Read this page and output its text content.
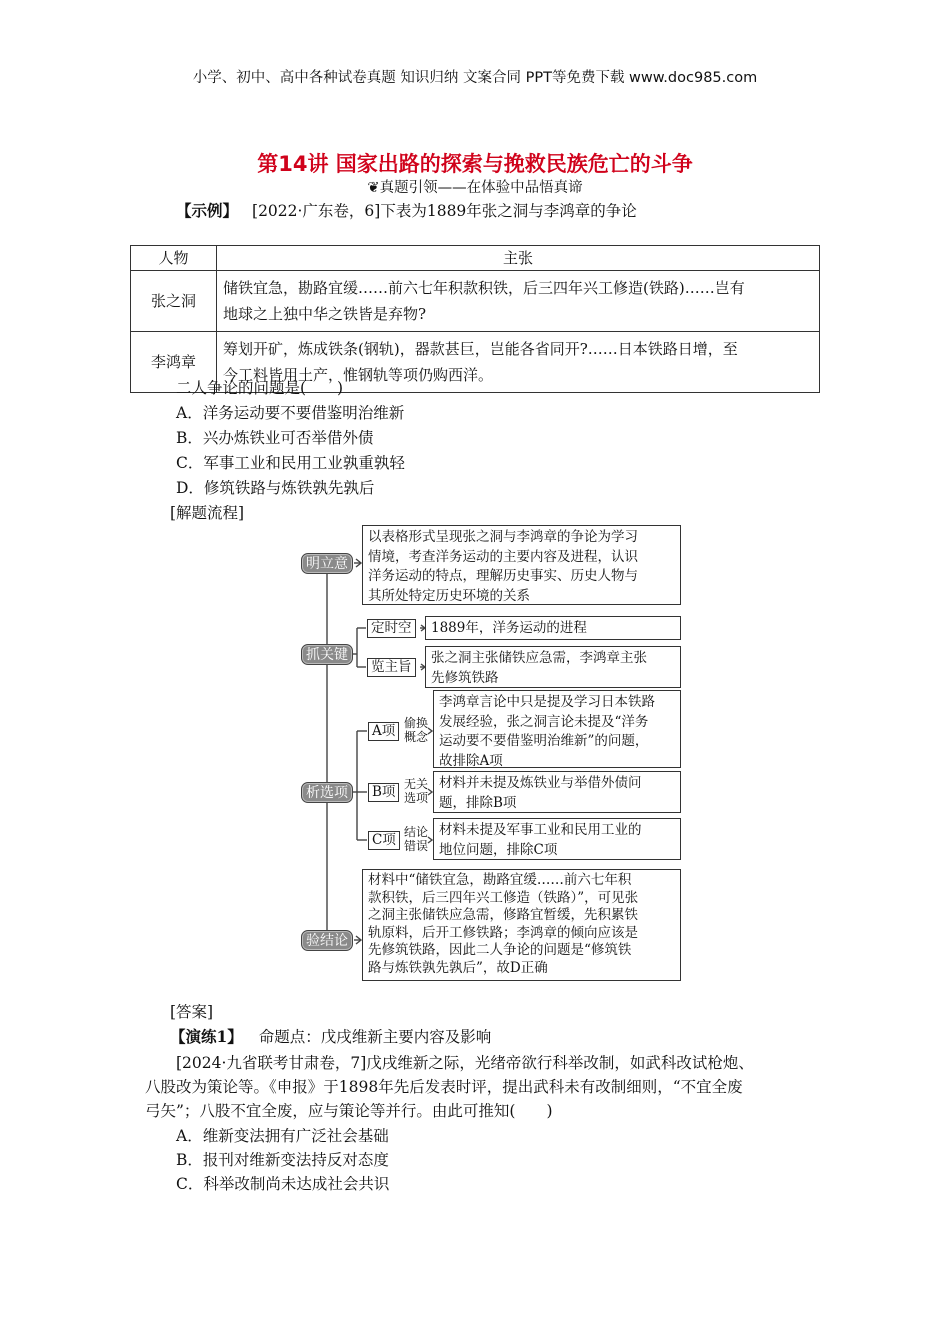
小学、初中、高中各种试卷真题 知识归纳 文案合同 PPT等免费下载 www.doc985.com
第14讲 国家出路的探索与挽救民族危亡的斗争
❦真题引领——在体验中品悟真谛
【示例】 [2022·广东卷，6]下表为1889年张之洞与李鸿章的争论
人物	主张
张之洞	储铁宜急，勘路宜缓……前六七年积款积铁，后三四年兴工修造(铁路)……岂有
地球之上独中华之铁皆是弃物?
李鸿章	筹划开矿，炼成铁条(钢轨)，器款甚巨，岂能各省同开?……日本铁路日增，至
今工料皆用土产，惟钢轨等项仍购西洋。
二人争论的问题是(　　)
A．洋务运动要不要借鉴明治维新
B．兴办炼铁业可否举借外债
C．军事工业和民用工业孰重孰轻
D．修筑铁路与炼铁孰先孰后
[解题流程]
明立意
抓关键
析选项
验结论
以表格形式呈现张之洞与李鸿章的争论为学习
情境，考查洋务运动的主要内容及进程，认识
洋务运动的特点，理解历史事实、历史人物与
其所处特定历史环境的关系
定时空	1889年，洋务运动的进程
览主旨
张之洞主张储铁应急需，李鸿章主张
先修筑铁路
A项 偷换
概念
李鸿章言论中只是提及学习日本铁路
发展经验，张之洞言论未提及“洋务
运动要不要借鉴明治维新”的问题，
故排除A项
B项 无关
选项
材料并未提及炼铁业与举借外债问
题，排除B项
C项 结论
错误
材料未提及军事工业和民用工业的
地位问题，排除C项
材料中“储铁宜急，勘路宜缓……前六七年积
款积铁，后三四年兴工修造（铁路）”，可见张
之洞主张储铁应急需，修路宜暂缓，先积累铁
轨原料，后开工修铁路；李鸿章的倾向应该是
先修筑铁路，因此二人争论的问题是“修筑铁
路与炼铁孰先孰后”，故D正确
[答案]
【演练1】 命题点：戊戌维新主要内容及影响
[2024·九省联考甘肃卷，7]戊戌维新之际，光绪帝欲行科举改制，如武科改试枪炮、
八股改为策论等。《申报》于1898年先后发表时评，提出武科未有改制细则，“不宜全废
弓矢”；八股不宜全废，应与策论等并行。由此可推知(　　)
A．维新变法拥有广泛社会基础
B．报刊对维新变法持反对态度
C．科举改制尚未达成社会共识
